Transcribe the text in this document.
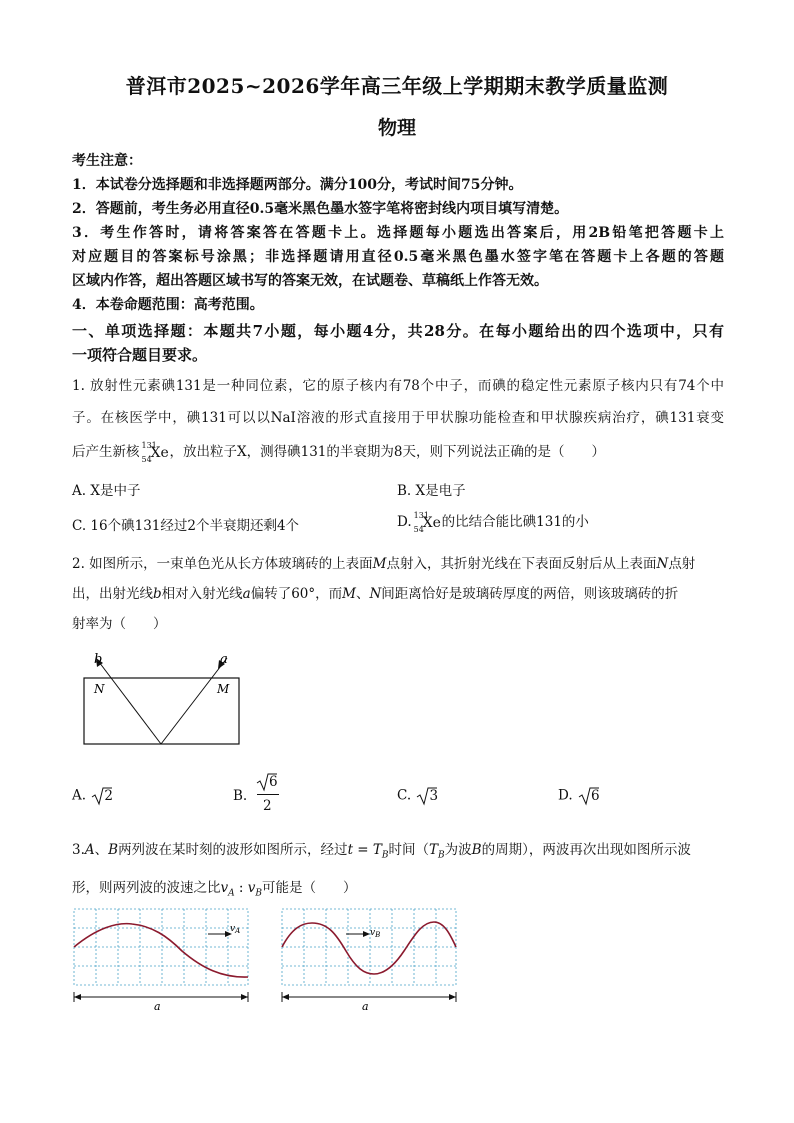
普洱市2025~2026学年高三年级上学期期末教学质量监测
物理
考生注意：
1．本试卷分选择题和非选择题两部分。满分100分，考试时间75分钟。
2．答题前，考生务必用直径0.5毫米黑色墨水签字笔将密封线内项目填写清楚。
3．考生作答时，请将答案答在答题卡上。选择题每小题选出答案后，用2B铅笔把答题卡上
对应题目的答案标号涂黑；非选择题请用直径0.5毫米黑色墨水签字笔在答题卡上各题的答题
区域内作答，超出答题区域书写的答案无效，在试题卷、草稿纸上作答无效。
4．本卷命题范围：高考范围。
一、单项选择题：本题共7小题，每小题4分，共28分。在每小题给出的四个选项中，只有
一项符合题目要求。
1. 放射性元素碘131是一种同位素，它的原子核内有78个中子，而碘的稳定性元素原子核内只有74个中
子。在核医学中，碘131可以以NaI溶液的形式直接用于甲状腺功能检查和甲状腺疾病治疗，碘131衰变
后产生新核 131
54
Xe ，放出粒子X，测得碘131的半衰期为8天，则下列说法正确的是（　　）
A. X是中子	B. X是电子
C. 16个碘131经过2个半衰期还剩4个	D. 131
54
Xe 的比结合能比碘131的小
2. 如图所示，一束单色光从长方体玻璃砖的上表面M点射入，其折射光线在下表面反射后从上表面N点射
出，出射光线b相对入射光线a偏转了60°，而M、N间距离恰好是玻璃砖厚度的两倍，则该玻璃砖的折
射率为（　　）
b	a
N	M
A. 2	B.
6
2
C. 3	D. 6
3.A、B两列波在某时刻的波形如图所示，经过$t = T_B$时间（$T_B$为波B的周期），两波再次出现如图所示波
形，则两列波的波速之比$v_A$ : $v_B$可能是（　　）
$v_A$
a
$v_B$
a
